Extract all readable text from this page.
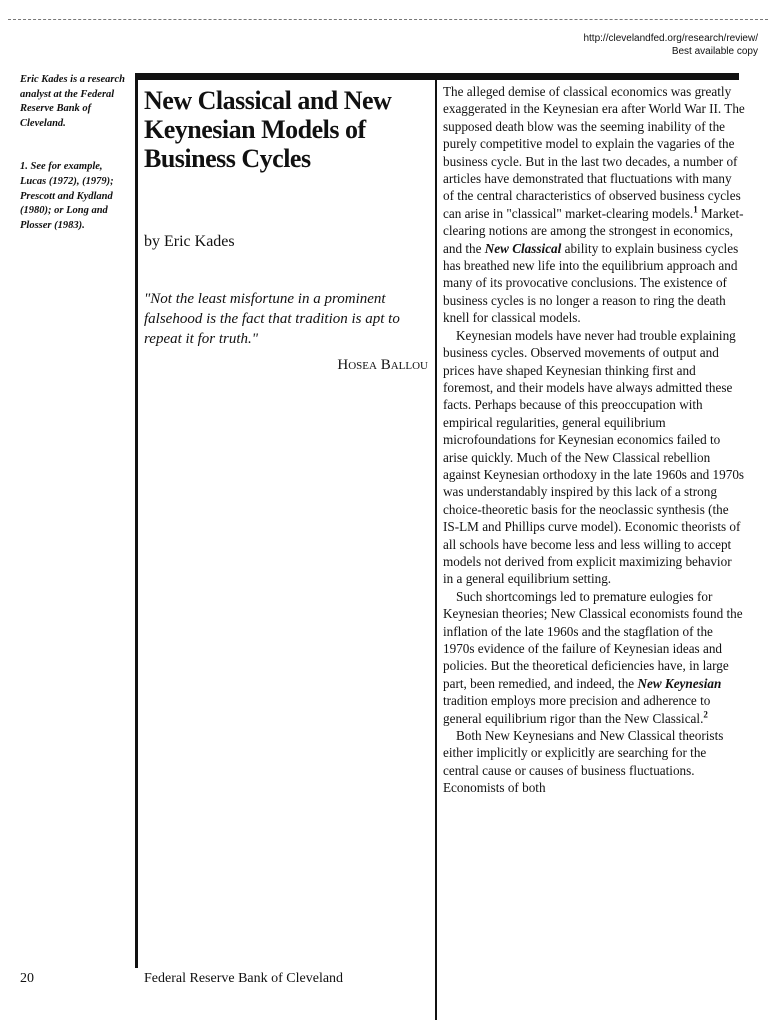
http://clevelandfed.org/research/review/
Best available copy

Eric Kades is a research analyst at the Federal Reserve Bank of Cleveland.

1. See for example, Lucas (1972), (1979); Prescott and Kydland (1980); or Long and Plosser (1983).

New Classical and New Keynesian Models of Business Cycles

by Eric Kades

"Not the least misfortune in a prominent falsehood is the fact that tradition is apt to repeat it for truth."

Hosea Ballou

The alleged demise of classical economics was greatly exaggerated in the Keynesian era after World War II. The supposed death blow was the seeming inability of the purely competitive model to explain the vagaries of the business cycle. But in the last two decades, a number of articles have demonstrated that fluctuations with many of the central characteristics of observed business cycles can arise in "classical" market-clearing models.$^1$ Market-clearing notions are among the strongest in economics, and the New Classical ability to explain business cycles has breathed new life into the equilibrium approach and many of its provocative conclusions. The existence of business cycles is no longer a reason to ring the death knell for classical models.

Keynesian models have never had trouble explaining business cycles. Observed movements of output and prices have shaped Keynesian thinking first and foremost, and their models have always admitted these facts. Perhaps because of this preoccupation with empirical regularities, general equilibrium microfoundations for Keynesian economics failed to arise quickly. Much of the New Classical rebellion against Keynesian orthodoxy in the late 1960s and 1970s was understandably inspired by this lack of a strong choice-theoretic basis for the neoclassic synthesis (the IS-LM and Phillips curve model). Economic theorists of all schools have become less and less willing to accept models not derived from explicit maximizing behavior in a general equilibrium setting.

Such shortcomings led to premature eulogies for Keynesian theories; New Classical economists found the inflation of the late 1960s and the stagflation of the 1970s evidence of the failure of Keynesian ideas and policies. But the theoretical deficiencies have, in large part, been remedied, and indeed, the New Keynesian tradition employs more precision and adherence to general equilibrium rigor than the New Classical.$^2$

Both New Keynesians and New Classical theorists either implicitly or explicitly are searching for the central cause or causes of business fluctuations. Economists of both

20	Federal Reserve Bank of Cleveland
